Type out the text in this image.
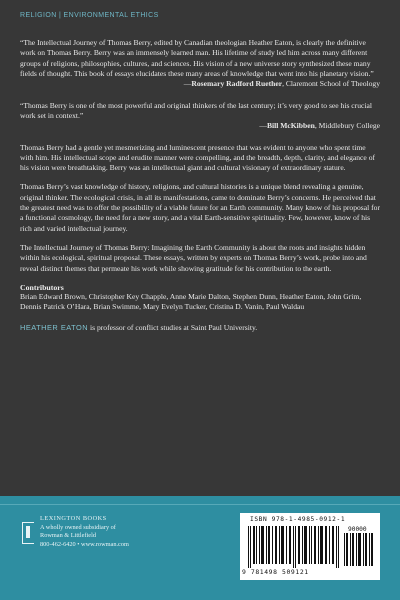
RELIGION | ENVIRONMENTAL ETHICS
“The Intellectual Journey of Thomas Berry, edited by Canadian theologian Heather Eaton, is clearly the definitive work on Thomas Berry. Berry was an immensely learned man. His lifetime of study led him across many different groups of religions, philosophies, cultures, and sciences. His vision of a new universe story synthesized these many fields of thought. This book of essays elucidates these many areas of knowledge that went into his planetary vision.”
—Rosemary Radford Ruether, Claremont School of Theology
“Thomas Berry is one of the most powerful and original thinkers of the last century; it’s very good to see his crucial work set in context.”
—Bill McKibben, Middlebury College

Thomas Berry had a gentle yet mesmerizing and luminescent presence that was evident to anyone who spent time with him. His intellectual scope and erudite manner were compelling, and the breadth, depth, clarity, and elegance of his vision were breathtaking. Berry was an intellectual giant and cultural visionary of extraordinary stature.

Thomas Berry’s vast knowledge of history, religions, and cultural histories is a unique blend revealing a genuine, original thinker. The ecological crisis, in all its manifestations, came to dominate Berry’s concerns. He perceived that the greatest need was to offer the possibility of a viable future for an Earth community. Many know of his proposal for a functional cosmology, the need for a new story, and a vital Earth-sensitive spirituality. Few, however, know of his rich and varied intellectual journey.

The Intellectual Journey of Thomas Berry: Imagining the Earth Community is about the roots and insights hidden within his ecological, spiritual proposal. These essays, written by experts on Thomas Berry’s work, probe into and reveal distinct themes that permeate his work while showing gratitude for his contribution to the earth.

Contributors

Brian Edward Brown, Christopher Key Chapple, Anne Marie Dalton, Stephen Dunn, Heather Eaton, John Grim, Dennis Patrick O’Hara, Brian Swimme, Mary Evelyn Tucker, Cristina D. Vanin, Paul Waldau

HEATHER EATON is professor of conflict studies at Saint Paul University.

LEXINGTON BOOKS
A wholly owned subsidiary of
Rowman & Littlefield
800-462-6420 • www.rowman.com
ISBN 978-1-4985-0912-1
90000
9 781498 509121
